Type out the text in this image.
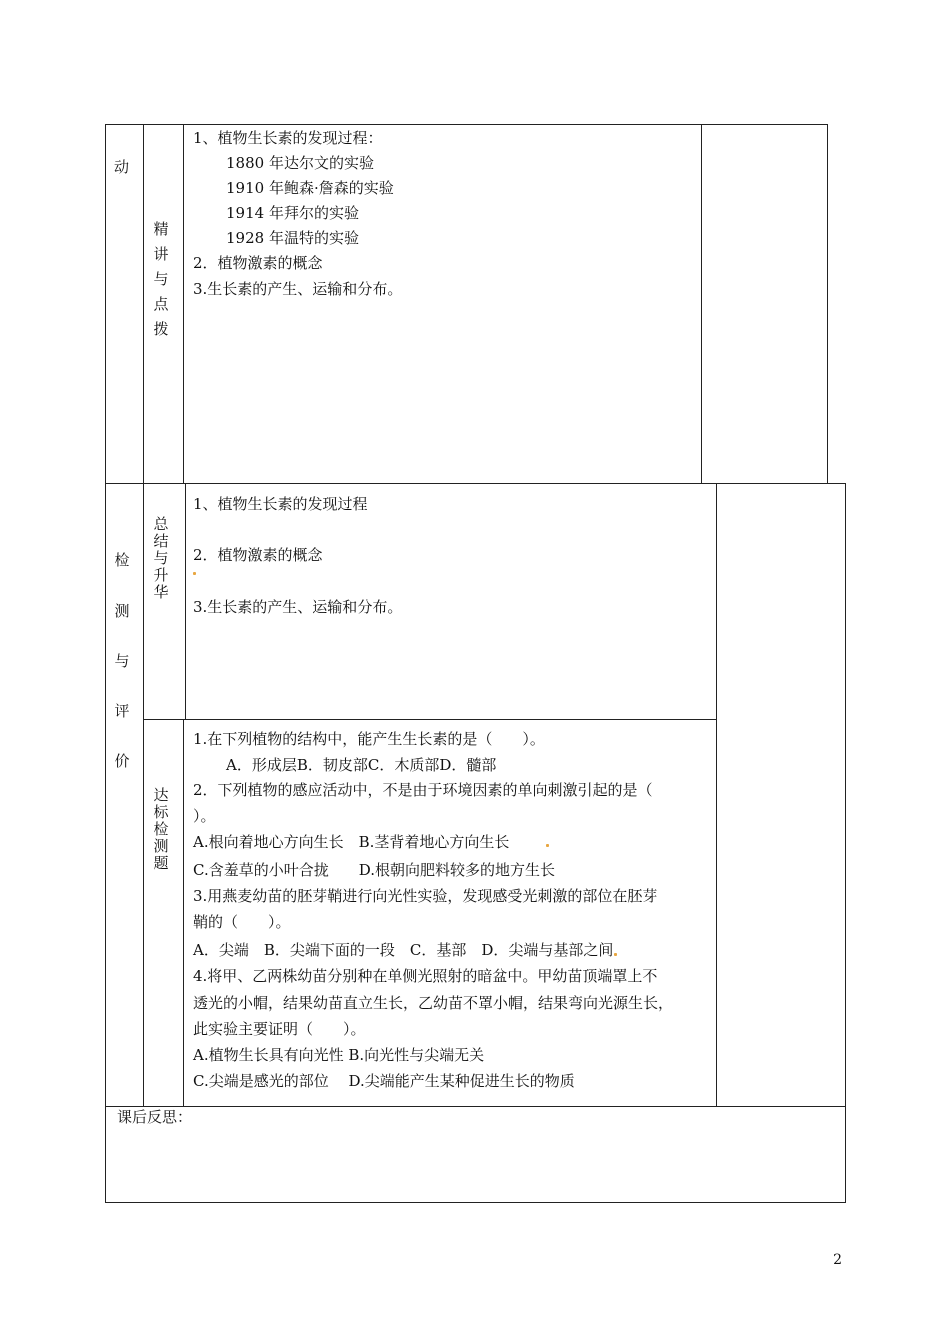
动
精
讲
与
点
拨
1、植物生长素的发现过程：
1880 年达尔文的实验
1910 年鲍森·詹森的实验
1914 年拜尔的实验
1928 年温特的实验
2．植物激素的概念
3.生长素的产生、运输和分布。
检
测
与
评
价
总
结
与
升
华
1、植物生长素的发现过程
2．植物激素的概念
3.生长素的产生、运输和分布。
达
标
检
测
题
1.在下列植物的结构中，能产生生长素的是（　　）。
A．形成层B．韧皮部C．木质部D．髓部
2．下列植物的感应活动中，不是由于环境因素的单向刺激引起的是（
）。
A.根向着地心方向生长　B.茎背着地心方向生长
C.含羞草的小叶合拢　　D.根朝向肥料较多的地方生长
3.用燕麦幼苗的胚芽鞘进行向光性实验，发现感受光刺激的部位在胚芽
鞘的（　　）。
A．尖端　B．尖端下面的一段　C．基部　D．尖端与基部之间
4.将甲、乙两株幼苗分别种在单侧光照射的暗盆中。甲幼苗顶端罩上不
透光的小帽，结果幼苗直立生长，乙幼苗不罩小帽，结果弯向光源生长，
此实验主要证明（　　）。
A.植物生长具有向光性 B.向光性与尖端无关
C.尖端是感光的部位　 D.尖端能产生某种促进生长的物质
课后反思：
2
